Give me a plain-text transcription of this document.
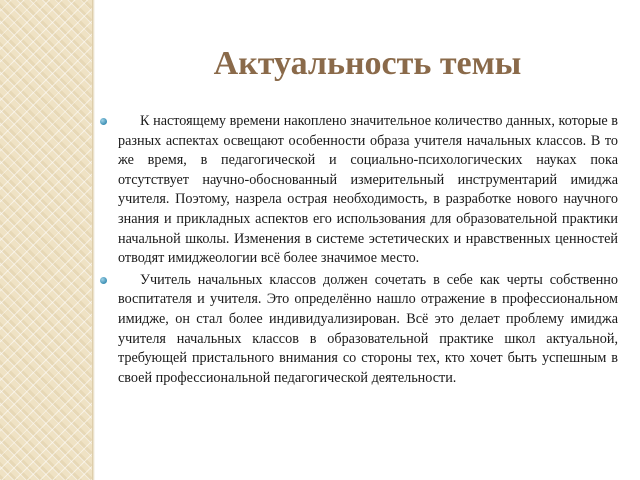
Актуальность темы
К настоящему времени накоплено значительное количество данных, которые в разных аспектах освещают особенности образа учителя начальных классов. В то же время, в педагогической и социально-психологических науках пока отсутствует научно-обоснованный измерительный инструментарий имиджа учителя. Поэтому, назрела острая необходимость, в разработке нового научного знания и прикладных аспектов его использования для образовательной практики начальной школы. Изменения в системе эстетических и нравственных ценностей отводят имиджеологии всё более значимое место.
Учитель начальных классов должен сочетать в себе как черты собственно воспитателя и учителя. Это определённо нашло отражение в профессиональном имидже, он стал более индивидуализирован. Всё это делает проблему имиджа учителя начальных классов в образовательной практике школ актуальной, требующей пристального внимания со стороны тех, кто хочет быть успешным в своей профессиональной педагогической деятельности.
